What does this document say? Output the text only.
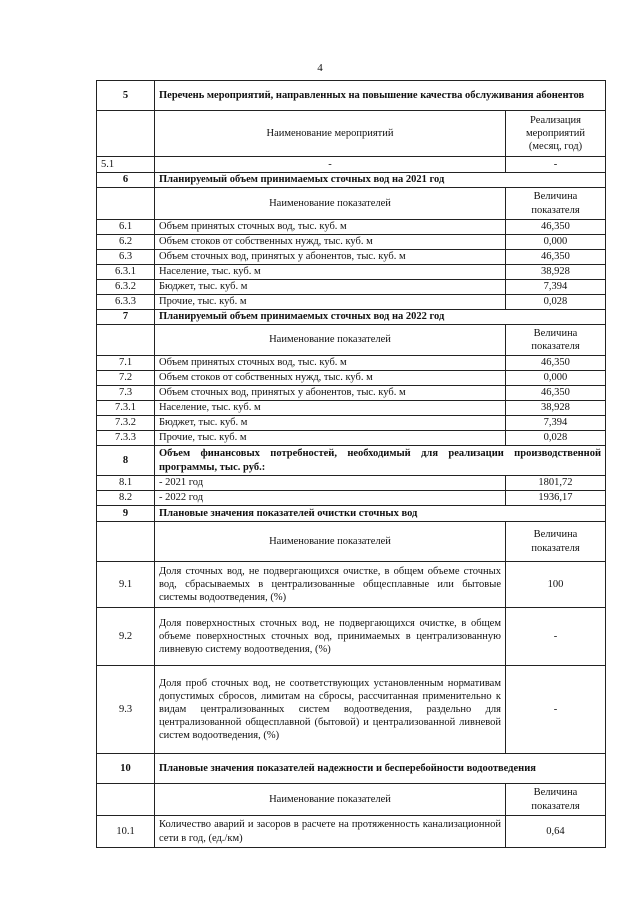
4
5	Перечень мероприятий, направленных на повышение качества обслуживания абонентов	
	Наименование мероприятий	Реализация мероприятий (месяц, год)
5.1	-	-
6	Планируемый объем принимаемых сточных вод на 2021 год	
	Наименование показателей	Величина показателя
6.1	Объем принятых сточных вод, тыс. куб. м	46,350
6.2	Объем стоков от собственных нужд, тыс. куб. м	0,000
6.3	Объем сточных вод, принятых у абонентов, тыс. куб. м	46,350
6.3.1	Население, тыс. куб. м	38,928
6.3.2	Бюджет, тыс. куб. м	7,394
6.3.3	Прочие, тыс. куб. м	0,028
7	Планируемый объем принимаемых сточных вод на 2022 год	
	Наименование показателей	Величина показателя
7.1	Объем принятых сточных вод, тыс. куб. м	46,350
7.2	Объем стоков от собственных нужд, тыс. куб. м	0,000
7.3	Объем сточных вод, принятых у абонентов, тыс. куб. м	46,350
7.3.1	Население, тыс. куб. м	38,928
7.3.2	Бюджет, тыс. куб. м	7,394
7.3.3	Прочие, тыс. куб. м	0,028
8	Объем финансовых потребностей, необходимый для реализации производственной программы, тыс. руб.:	
8.1	- 2021 год	1801,72
8.2	- 2022 год	1936,17
9	Плановые значения показателей очистки сточных вод	
	Наименование показателей	Величина показателя
9.1	Доля сточных вод, не подвергающихся очистке, в общем объеме сточных вод, сбрасываемых в централизованные общесплавные или бытовые системы водоотведения, (%)	100
9.2	Доля поверхностных сточных вод, не подвергающихся очистке, в общем объеме поверхностных сточных вод, принимаемых в централизованную ливневую систему водоотведения, (%)	-
9.3	Доля проб сточных вод, не соответствующих установленным нормативам допустимых сбросов, лимитам на сбросы, рассчитанная применительно к видам централизованных систем водоотведения, раздельно для централизованной общесплавной (бытовой) и централизованной ливневой систем водоотведения, (%)	-
10	Плановые значения показателей надежности и бесперебойности водоотведения	
	Наименование показателей	Величина показателя
10.1	Количество аварий и засоров в расчете на протяженность канализационной сети в год, (ед./км)	0,64
